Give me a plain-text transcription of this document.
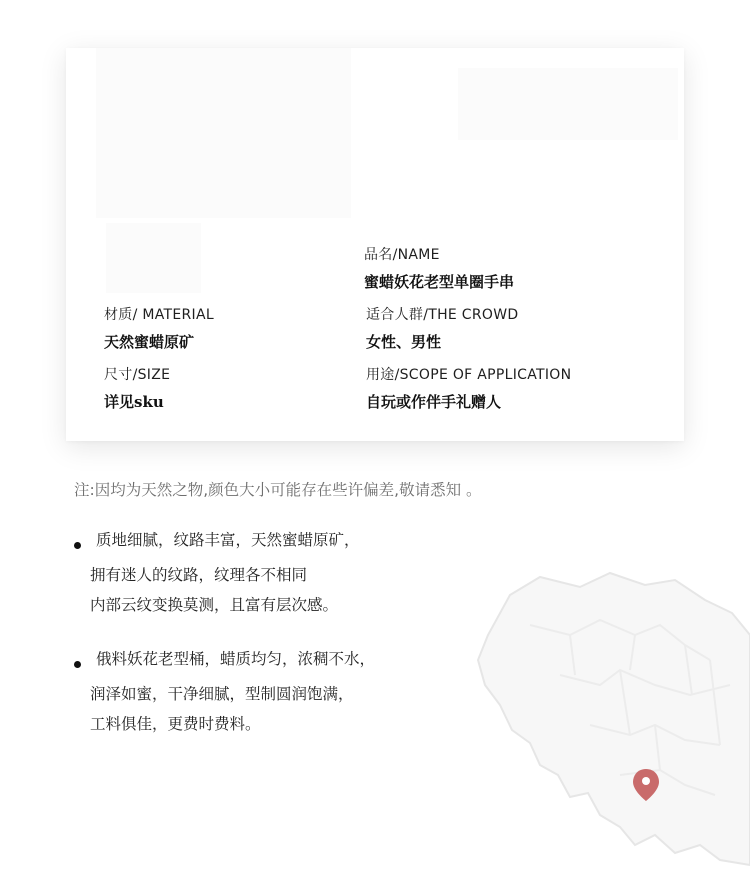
品名/NAME
蜜蜡妖花老型单圈手串
材质/ MATERIAL
天然蜜蜡原矿
适合人群/THE CROWD
女性、男性
尺寸/SIZE
详见sku
用途/SCOPE OF APPLICATION
自玩或作伴手礼赠人
注:因均为天然之物,颜色大小可能存在些许偏差,敬请悉知 。
质地细腻，纹路丰富，天然蜜蜡原矿，
拥有迷人的纹路，纹理各不相同
内部云纹变换莫测，且富有层次感。
俄料妖花老型桶，蜡质均匀，浓稠不水，
润泽如蜜，干净细腻，型制圆润饱满，
工料俱佳，更费时费料。
